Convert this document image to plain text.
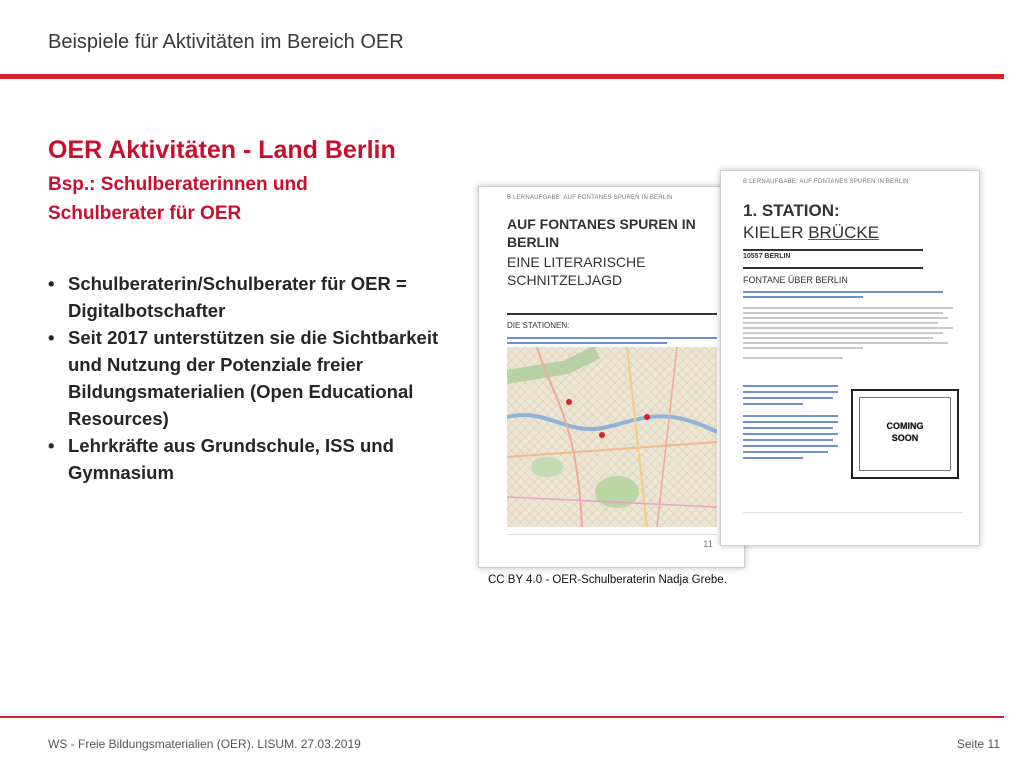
Beispiele für Aktivitäten im Bereich OER
OER Aktivitäten - Land Berlin
Bsp.: Schulberaterinnen und Schulberater für OER
• Schulberaterin/Schulberater für OER = Digitalbotschafter
• Seit 2017 unterstützen sie die Sichtbarkeit und Nutzung der Potenziale freier Bildungsmaterialien (Open Educational Resources)
• Lehrkräfte aus Grundschule, ISS und Gymnasium
B LERNAUFGABE: AUF FONTANES SPUREN IN BERLIN
AUF FONTANES SPUREN IN BERLIN
EINE LITERARISCHE SCHNITZELJAGD
DIE STATIONEN:
11
B LERNAUFGABE: AUF FONTANES SPUREN IN BERLIN
1. STATION:
KIELER BRÜCKE
10557 BERLIN
FONTANE ÜBER BERLIN
COMING
SOON
CC BY 4.0 - OER-Schulberaterin Nadja Grebe.
WS - Freie Bildungsmaterialien (OER). LISUM. 27.03.2019	Seite 11
